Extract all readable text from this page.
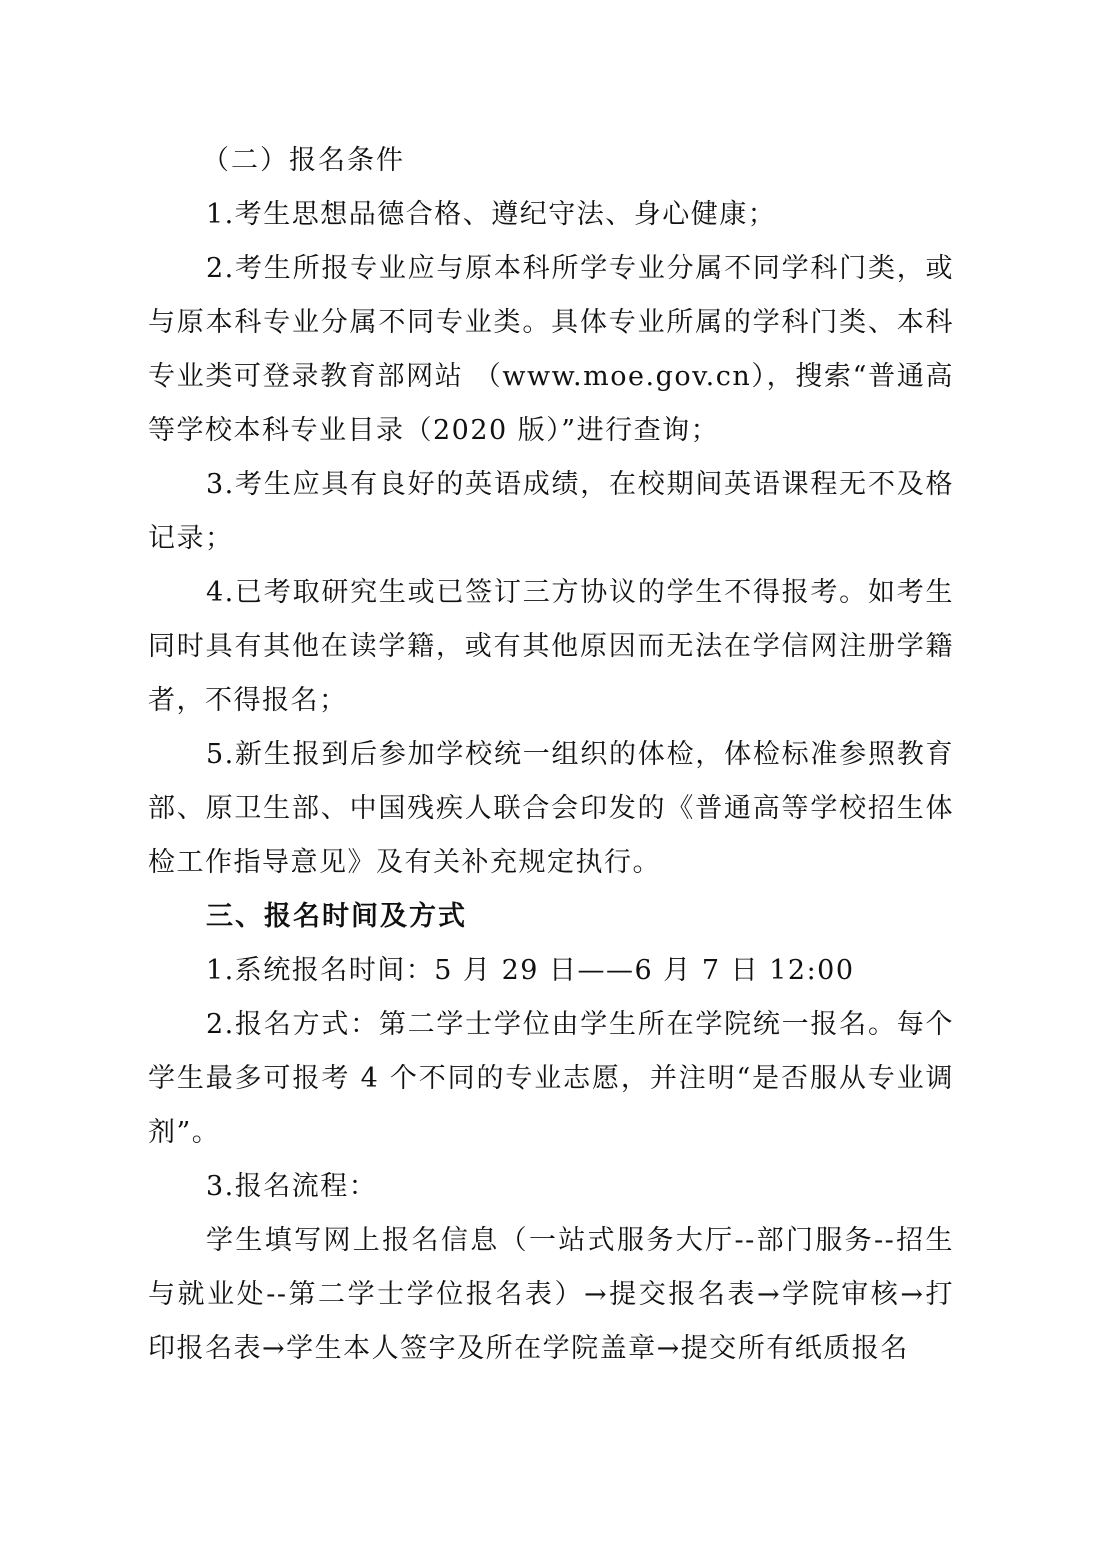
（二）报名条件

1.考生思想品德合格、遵纪守法、身心健康；

2.考生所报专业应与原本科所学专业分属不同学科门类，或与原本科专业分属不同专业类。具体专业所属的学科门类、本科专业类可登录教育部网站 （www.moe.gov.cn），搜索“普通高等学校本科专业目录（2020 版）”进行查询；

3.考生应具有良好的英语成绩，在校期间英语课程无不及格记录；

4.已考取研究生或已签订三方协议的学生不得报考。如考生同时具有其他在读学籍，或有其他原因而无法在学信网注册学籍者，不得报名；

5.新生报到后参加学校统一组织的体检，体检标准参照教育部、原卫生部、中国残疾人联合会印发的《普通高等学校招生体检工作指导意见》及有关补充规定执行。

三、报名时间及方式

1.系统报名时间：5 月 29 日——6 月 7 日 12:00

2.报名方式：第二学士学位由学生所在学院统一报名。每个学生最多可报考 4 个不同的专业志愿，并注明“是否服从专业调剂”。

3.报名流程：

学生填写网上报名信息（一站式服务大厅--部门服务--招生与就业处--第二学士学位报名表）→提交报名表→学院审核→打印报名表→学生本人签字及所在学院盖章→提交所有纸质报名
